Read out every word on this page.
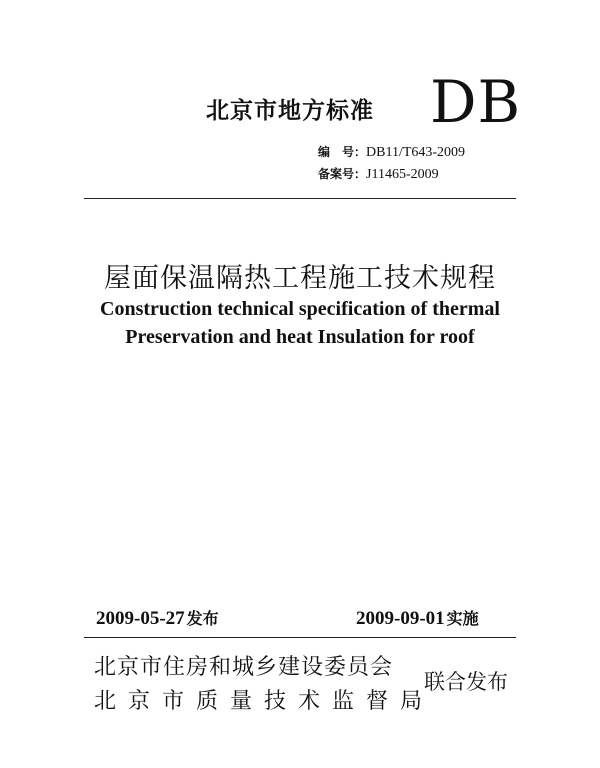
北京市地方标准 DB
编　号：DB11/T643-2009
备案号：J11465-2009
屋面保温隔热工程施工技术规程
Construction technical specification of thermal
Preservation and heat Insulation for roof
2009-05-27 发布	2009-09-01 实施
北京市住房和城乡建设委员会
北京市质量技术监督局
联合发布
